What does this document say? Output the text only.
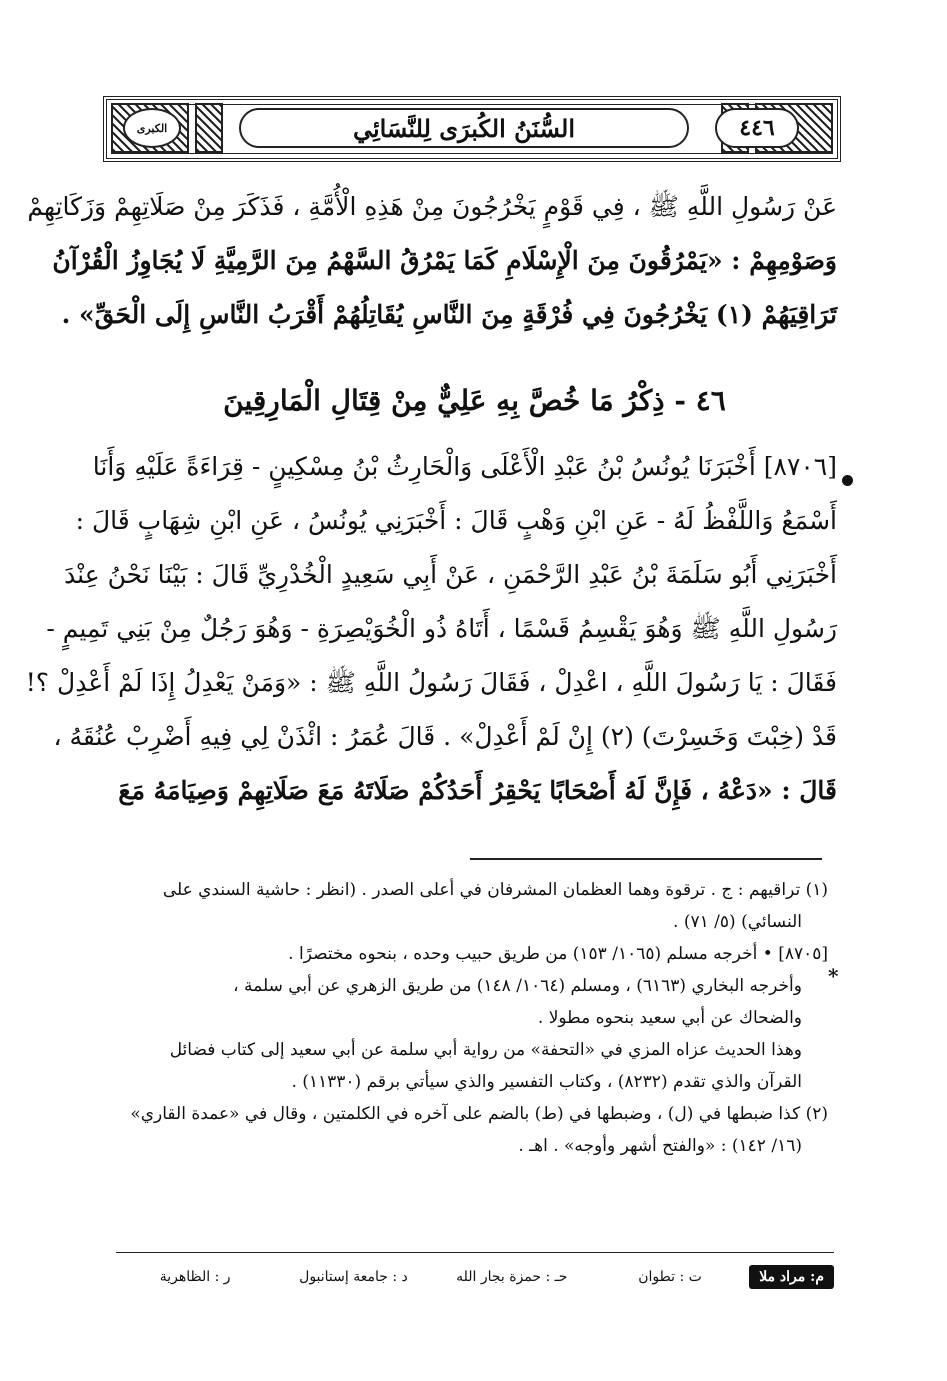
الكبرى	السُّنَنُ الكُبرَى لِلنَّسَائِي	٤٤٦
عَنْ رَسُولِ اللَّهِ ﷺ ، فِي قَوْمٍ يَخْرُجُونَ مِنْ هَذِهِ الْأُمَّةِ ، فَذَكَرَ مِنْ صَلَاتِهِمْ وَزَكَاتِهِمْ
وَصَوْمِهِمْ : «يَمْرُقُونَ مِنَ الْإِسْلَامِ كَمَا يَمْرُقُ السَّهْمُ مِنَ الرَّمِيَّةِ لَا يُجَاوِزُ الْقُرْآنُ
تَرَاقِيَهُمْ (١) يَخْرُجُونَ فِي فُرْقَةٍ مِنَ النَّاسِ يُقَاتِلُهُمْ أَقْرَبُ النَّاسِ إِلَى الْحَقِّ» .
٤٦ - ذِكْرُ مَا خُصَّ بِهِ عَلِيٌّ مِنْ قِتَالِ الْمَارِقِينَ
[٨٧٠٦] أَخْبَرَنَا يُونُسُ بْنُ عَبْدِ الْأَعْلَى وَالْحَارِثُ بْنُ مِسْكِينٍ - قِرَاءَةً عَلَيْهِ وَأَنَا
أَسْمَعُ وَاللَّفْظُ لَهُ - عَنِ ابْنِ وَهْبٍ قَالَ : أَخْبَرَنِي يُونُسُ ، عَنِ ابْنِ شِهَابٍ قَالَ :
أَخْبَرَنِي أَبُو سَلَمَةَ بْنُ عَبْدِ الرَّحْمَنِ ، عَنْ أَبِي سَعِيدٍ الْخُدْرِيِّ قَالَ : بَيْنَا نَحْنُ عِنْدَ
رَسُولِ اللَّهِ ﷺ وَهُوَ يَقْسِمُ قَسْمًا ، أَتَاهُ ذُو الْخُوَيْصِرَةِ - وَهُوَ رَجُلٌ مِنْ بَنِي تَمِيمٍ -
فَقَالَ : يَا رَسُولَ اللَّهِ ، اعْدِلْ ، فَقَالَ رَسُولُ اللَّهِ ﷺ : «وَمَنْ يَعْدِلُ إِذَا لَمْ أَعْدِلْ ؟!
قَدْ (خِبْتَ وَخَسِرْتَ) (٢) إِنْ لَمْ أَعْدِلْ» . قَالَ عُمَرُ : ائْذَنْ لِي فِيهِ أَضْرِبْ عُنُقَهُ ،
قَالَ : «دَعْهُ ، فَإِنَّ لَهُ أَصْحَابًا يَحْقِرُ أَحَدُكُمْ صَلَاتَهُ مَعَ صَلَاتِهِمْ وَصِيَامَهُ مَعَ
*
(١) تراقيهم : ج . ترقوة وهما العظمان المشرفان في أعلى الصدر . (انظر : حاشية السندي على
النسائي) (٥/ ٧١) .
[٨٧٠٥] • أخرجه مسلم (١٠٦٥/ ١٥٣) من طريق حبيب وحده ، بنحوه مختصرًا .
وأخرجه البخاري (٦١٦٣) ، ومسلم (١٠٦٤/ ١٤٨) من طريق الزهري عن أبي سلمة ،
والضحاك عن أبي سعيد بنحوه مطولا .
وهذا الحديث عزاه المزي في «التحفة» من رواية أبي سلمة عن أبي سعيد إلى كتاب فضائل
القرآن والذي تقدم (٨٢٣٢) ، وكتاب التفسير والذي سيأتي برقم (١١٣٣٠) .
(٢) كذا ضبطها في (ل) ، وضبطها في (ط) بالضم على آخره في الكلمتين ، وقال في «عمدة القاري»
(١٦/ ١٤٢) : «والفتح أشهر وأوجه» . اهـ .
م: مراد ملا
ت : تطوان
حـ : حمزة بجار الله
د : جامعة إستانبول
ر : الظاهرية
